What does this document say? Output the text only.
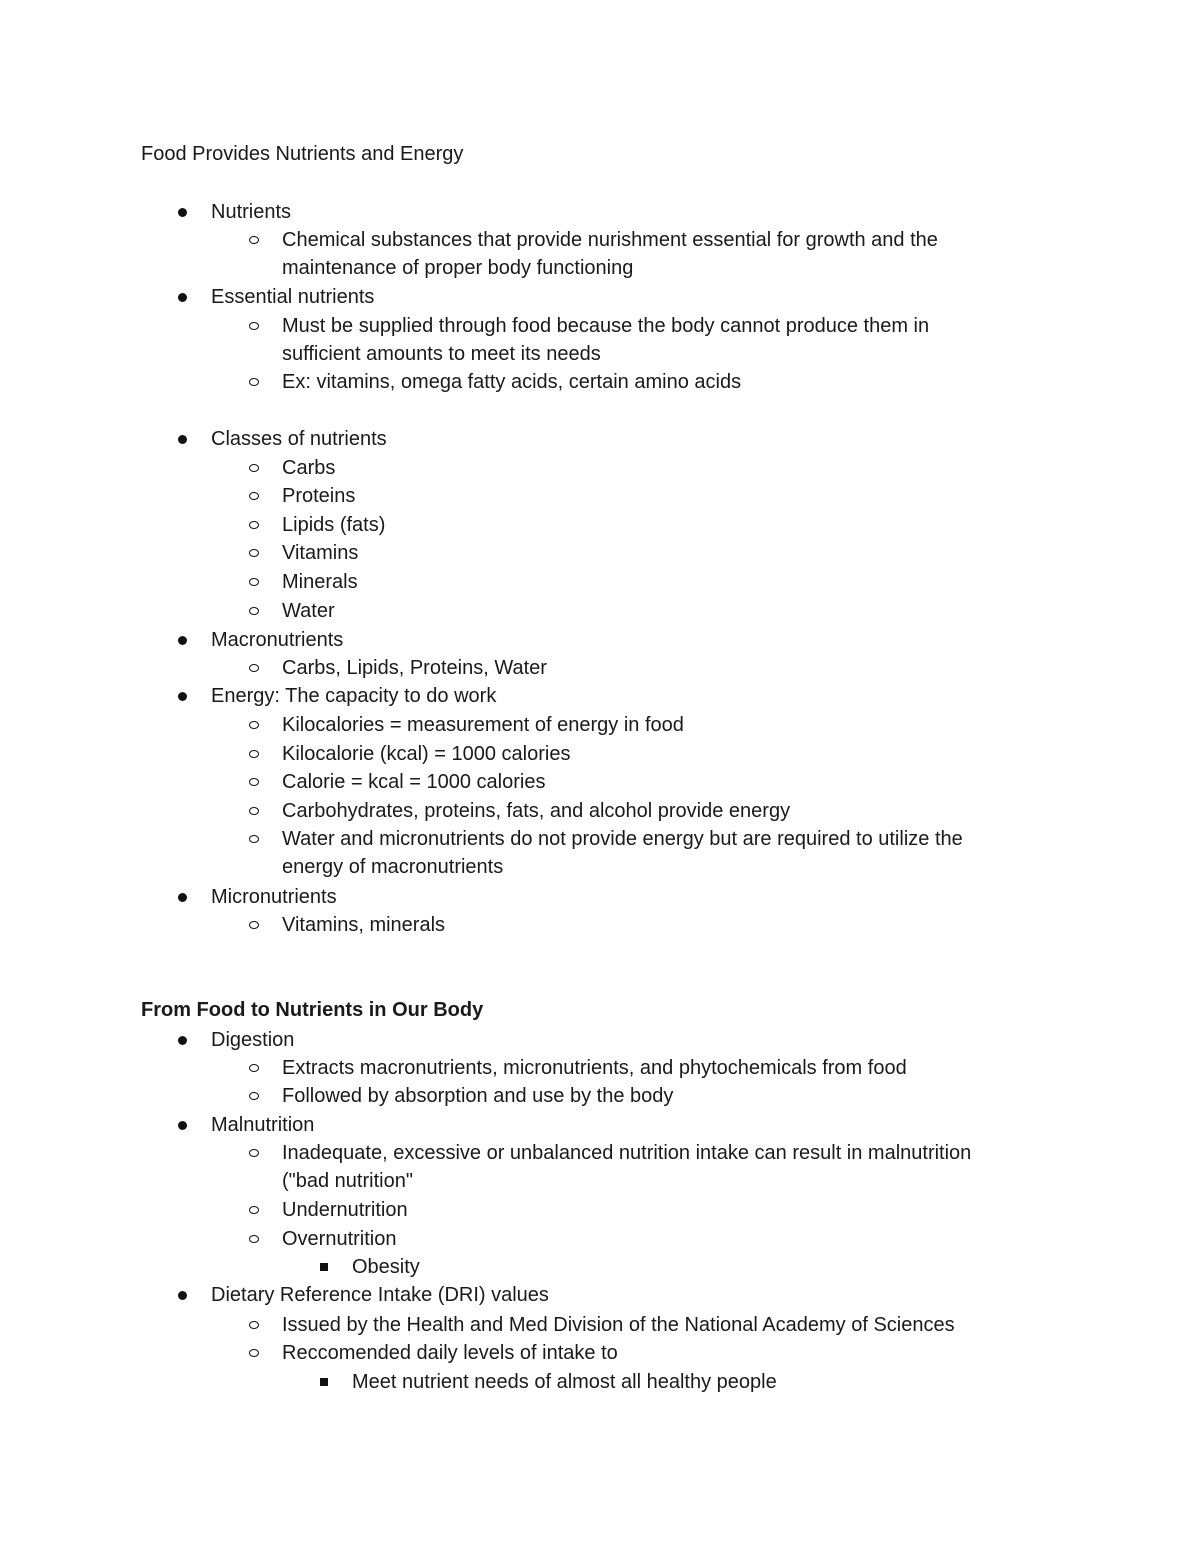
Food Provides Nutrients and Energy
Nutrients
Chemical substances that provide nurishment essential for growth and the
maintenance of proper body functioning
Essential nutrients
Must be supplied through food because the body cannot produce them in
sufficient amounts to meet its needs
Ex: vitamins, omega fatty acids, certain amino acids
Classes of nutrients
Carbs
Proteins
Lipids (fats)
Vitamins
Minerals
Water
Macronutrients
Carbs, Lipids, Proteins, Water
Energy: The capacity to do work
Kilocalories = measurement of energy in food
Kilocalorie (kcal) = 1000 calories
Calorie = kcal = 1000 calories
Carbohydrates, proteins, fats, and alcohol provide energy
Water and micronutrients do not provide energy but are required to utilize the
energy of macronutrients
Micronutrients
Vitamins, minerals
From Food to Nutrients in Our Body
Digestion
Extracts macronutrients, micronutrients, and phytochemicals from food
Followed by absorption and use by the body
Malnutrition
Inadequate, excessive or unbalanced nutrition intake can result in malnutrition
("bad nutrition"
Undernutrition
Overnutrition
Obesity
Dietary Reference Intake (DRI) values
Issued by the Health and Med Division of the National Academy of Sciences
Reccomended daily levels of intake to
Meet nutrient needs of almost all healthy people
